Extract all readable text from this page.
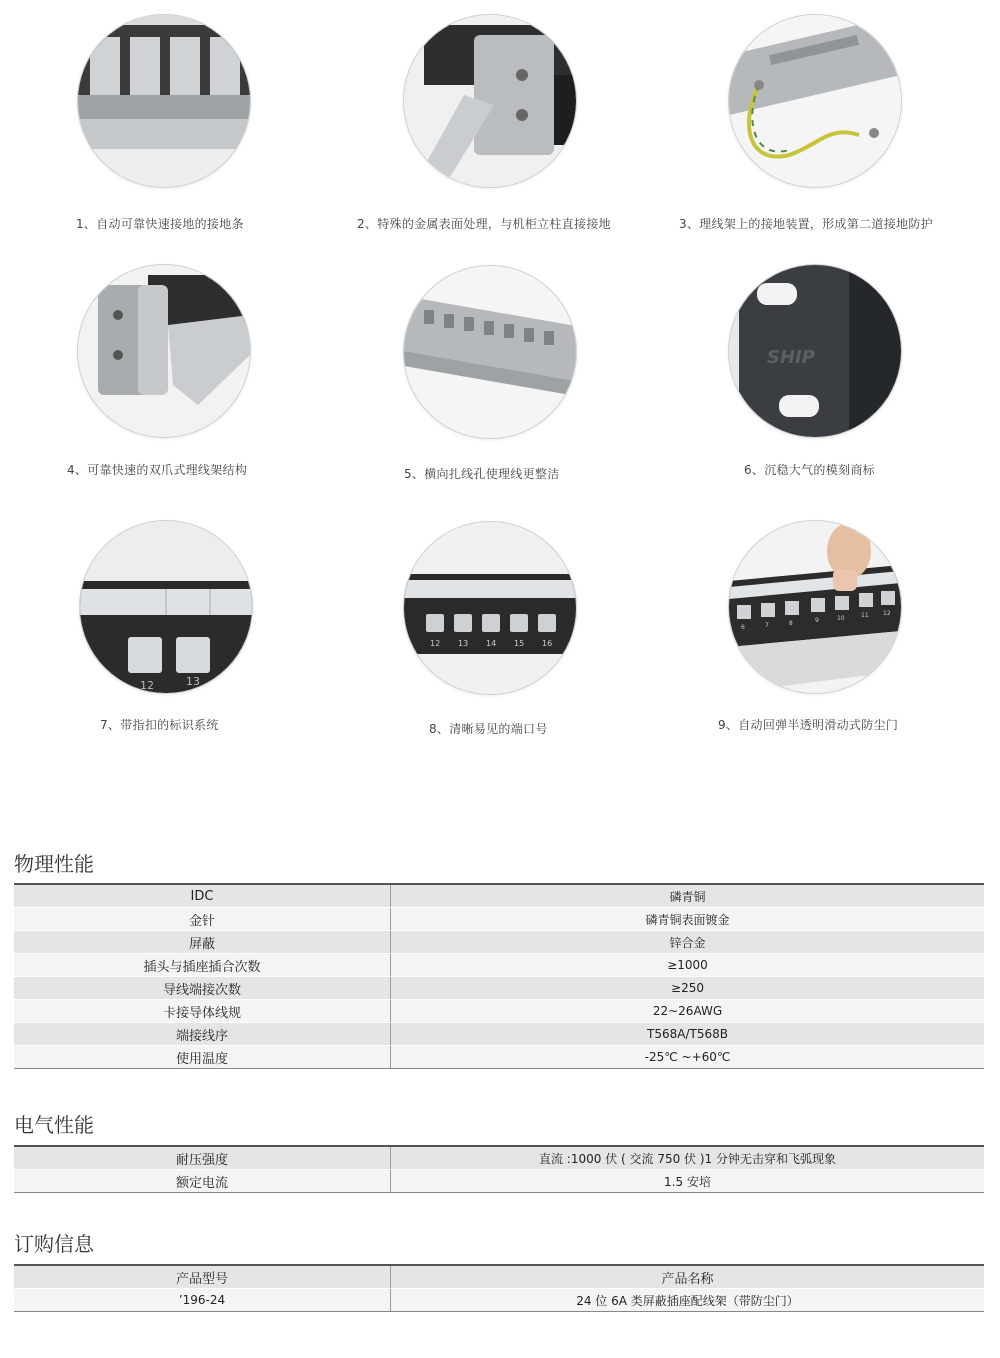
1、自动可靠快速接地的接地条	2、特殊的金属表面处理，与机柜立柱直接接地	3、理线架上的接地装置，形成第二道接地防护
4、可靠快速的双爪式理线架结构	5、横向扎线孔使理线更整洁
SHIP
6、沉稳大气的模刻商标
12	13
7、带指扣的标识系统
12 13 14 15 16
8、清晰易见的端口号
6	7	8	9	10	11 12
9、自动回弹半透明滑动式防尘门
物理性能
IDC	磷青铜
金针	磷青铜表面镀金
屏蔽	锌合金
插头与插座插合次数	≥1000
导线端接次数	≥250
卡接导体线规	22~26AWG
端接线序	T568A/T568B
使用温度	-25℃ ~+60℃
电气性能
耐压强度	直流 :1000 伏 ( 交流 750 伏 )1 分钟无击穿和飞弧现象
额定电流	1.5 安培
订购信息
产品型号	产品名称
’196-24	24 位 6A 类屏蔽插座配线架（带防尘门）
